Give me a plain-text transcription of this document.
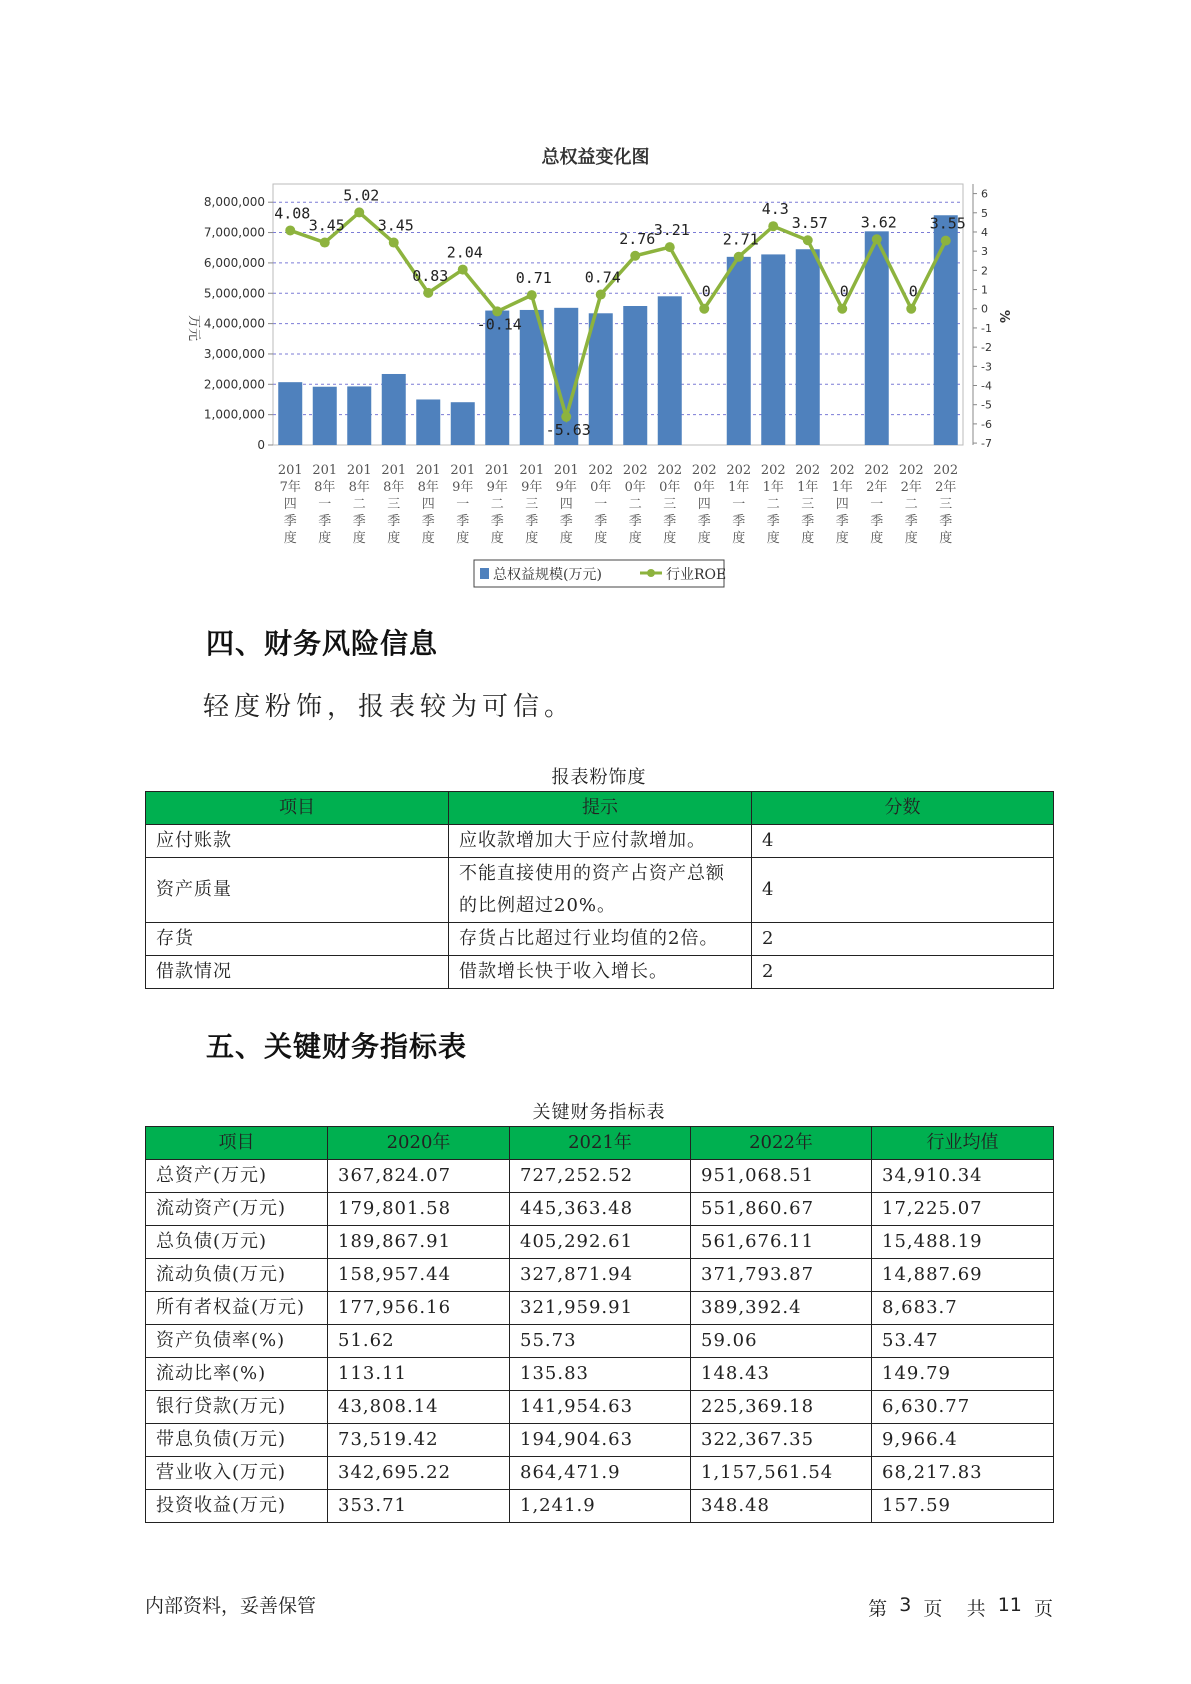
总权益变化图
0
1,000,000
2,000,000
3,000,000
4,000,000
5,000,000
6,000,000
7,000,000
8,000,000
-7
-6
-5
-4
-3
-2
-1
0
1
2
3
4
5
6
万元	%
4.08
3.45
5.02
3.45
0.83
2.04
-0.14
0.71
-5.63
0.74
2.76
3.21
0
2.71
4.3
3.57
0
3.62
0
3.55
201
7年
四
季
度
201
8年
一
季
度
201
8年
二
季
度
201
8年
三
季
度
201
8年
四
季
度
201
9年
一
季
度
201
9年
二
季
度
201
9年
三
季
度
201
9年
四
季
度
202
0年
一
季
度
202
0年
二
季
度
202
0年
三
季
度
202
0年
四
季
度
202
1年
一
季
度
202
1年
二
季
度
202
1年
三
季
度
202
1年
四
季
度
202
2年
一
季
度
202
2年
二
季
度
202
2年
三
季
度
总权益规模(万元)	行业ROE
四、财务风险信息

轻度粉饰，报表较为可信。

报表粉饰度
项目	提示	分数
应付账款	应收款增加大于应付款增加。	4
资产质量	不能直接使用的资产占资产总额的比例超过20%。	4
存货	存货占比超过行业均值的2倍。	2
借款情况	借款增长快于收入增长。	2
五、关键财务指标表
关键财务指标表
项目	2020年	2021年	2022年	行业均值
总资产(万元)	367,824.07	727,252.52	951,068.51	34,910.34
流动资产(万元)	179,801.58	445,363.48	551,860.67	17,225.07
总负债(万元)	189,867.91	405,292.61	561,676.11	15,488.19
流动负债(万元)	158,957.44	327,871.94	371,793.87	14,887.69
所有者权益(万元)	177,956.16	321,959.91	389,392.4	8,683.7
资产负债率(%)	51.62	55.73	59.06	53.47
流动比率(%)	113.11	135.83	148.43	149.79
银行贷款(万元)	43,808.14	141,954.63	225,369.18	6,630.77
带息负债(万元)	73,519.42	194,904.63	322,367.35	9,966.4
营业收入(万元)	342,695.22	864,471.9	1,157,561.54	68,217.83
投资收益(万元)	353.71	1,241.9	348.48	157.59
内部资料，妥善保管	第
3
页
共
11
页
